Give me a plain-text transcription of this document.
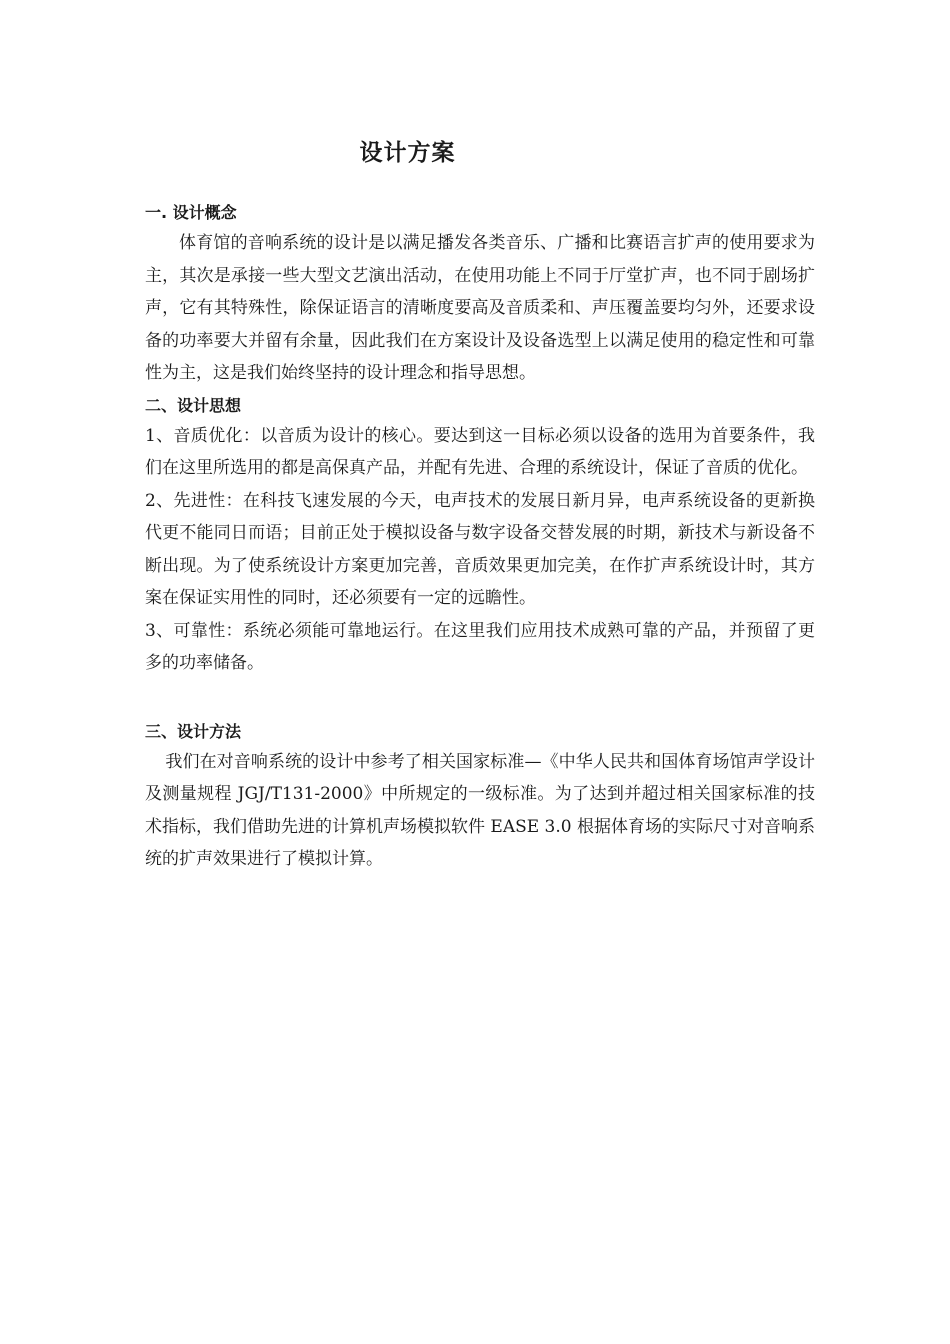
设计方案

一. 设计概念

体育馆的音响系统的设计是以满足播发各类音乐、广播和比赛语言扩声的使用要求为主，其次是承接一些大型文艺演出活动，在使用功能上不同于厅堂扩声，也不同于剧场扩声，它有其特殊性，除保证语言的清晰度要高及音质柔和、声压覆盖要均匀外，还要求设备的功率要大并留有余量，因此我们在方案设计及设备选型上以满足使用的稳定性和可靠性为主，这是我们始终坚持的设计理念和指导思想。

二、设计思想

1、音质优化：以音质为设计的核心。要达到这一目标必须以设备的选用为首要条件，我们在这里所选用的都是高保真产品，并配有先进、合理的系统设计，保证了音质的优化。

2、先进性：在科技飞速发展的今天，电声技术的发展日新月异，电声系统设备的更新换代更不能同日而语；目前正处于模拟设备与数字设备交替发展的时期，新技术与新设备不断出现。为了使系统设计方案更加完善，音质效果更加完美，在作扩声系统设计时，其方案在保证实用性的同时，还必须要有一定的远瞻性。

3、可靠性：系统必须能可靠地运行。在这里我们应用技术成熟可靠的产品，并预留了更多的功率储备。

三、设计方法

我们在对音响系统的设计中参考了相关国家标准—《中华人民共和国体育场馆声学设计及测量规程 JGJ/T131-2000》中所规定的一级标准。为了达到并超过相关国家标准的技术指标，我们借助先进的计算机声场模拟软件 EASE 3.0 根据体育场的实际尺寸对音响系统的扩声效果进行了模拟计算。
